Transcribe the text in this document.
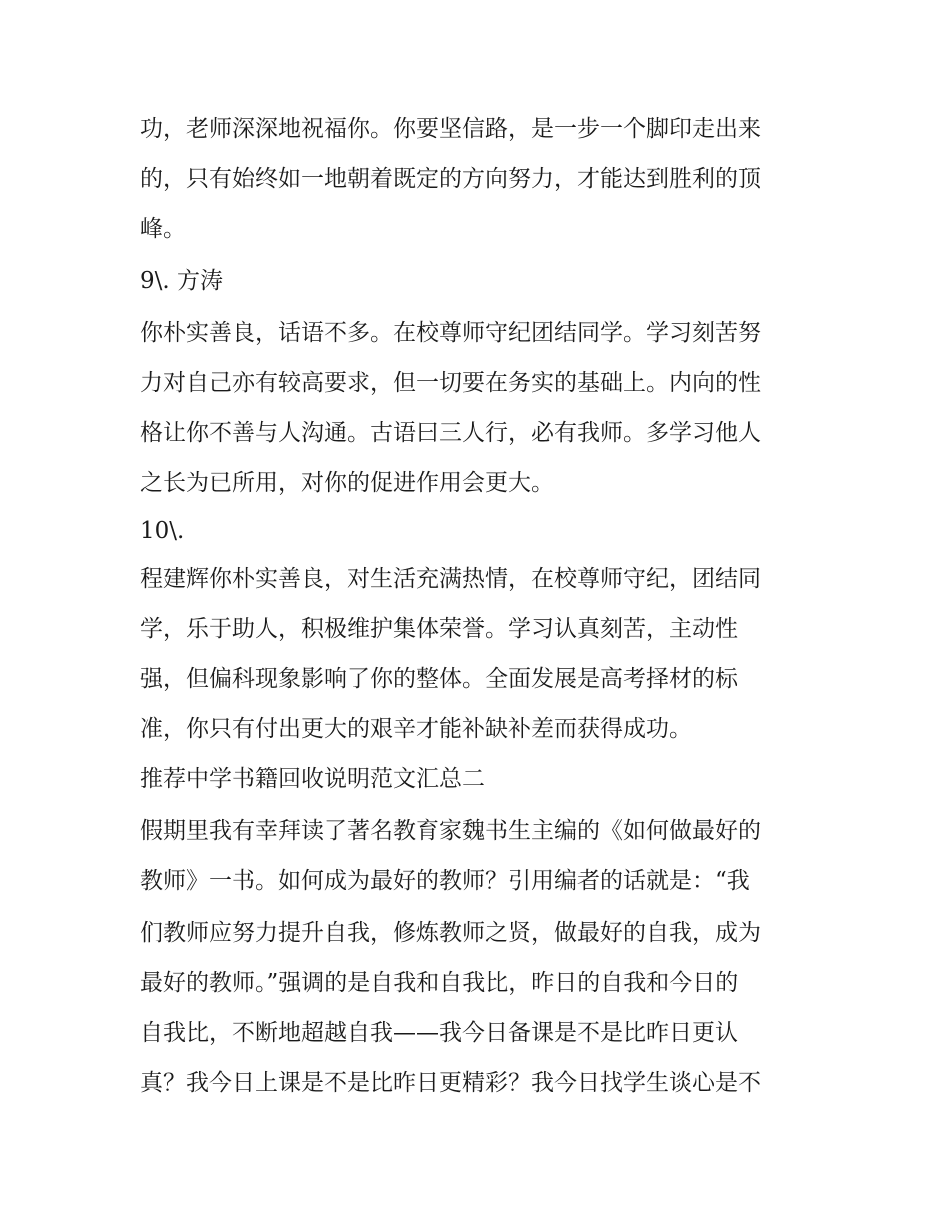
功，老师深深地祝福你。你要坚信路，是一步一个脚印走出来
的，只有始终如一地朝着既定的方向努力，才能达到胜利的顶
峰。
9\. 方涛
你朴实善良，话语不多。在校尊师守纪团结同学。学习刻苦努
力对自己亦有较高要求，但一切要在务实的基础上。内向的性
格让你不善与人沟通。古语曰三人行，必有我师。多学习他人
之长为已所用，对你的促进作用会更大。
10\.
程建辉你朴实善良，对生活充满热情，在校尊师守纪，团结同
学，乐于助人，积极维护集体荣誉。学习认真刻苦，主动性
强，但偏科现象影响了你的整体。全面发展是高考择材的标
准，你只有付出更大的艰辛才能补缺补差而获得成功。
推荐中学书籍回收说明范文汇总二
假期里我有幸拜读了著名教育家魏书生主编的《如何做最好的
教师》一书。如何成为最好的教师？引用编者的话就是：“我
们教师应努力提升自我，修炼教师之贤，做最好的自我，成为
最好的教师。”强调的是自我和自我比，昨日的自我和今日的
自我比，不断地超越自我——我今日备课是不是比昨日更认
真？我今日上课是不是比昨日更精彩？我今日找学生谈心是不
